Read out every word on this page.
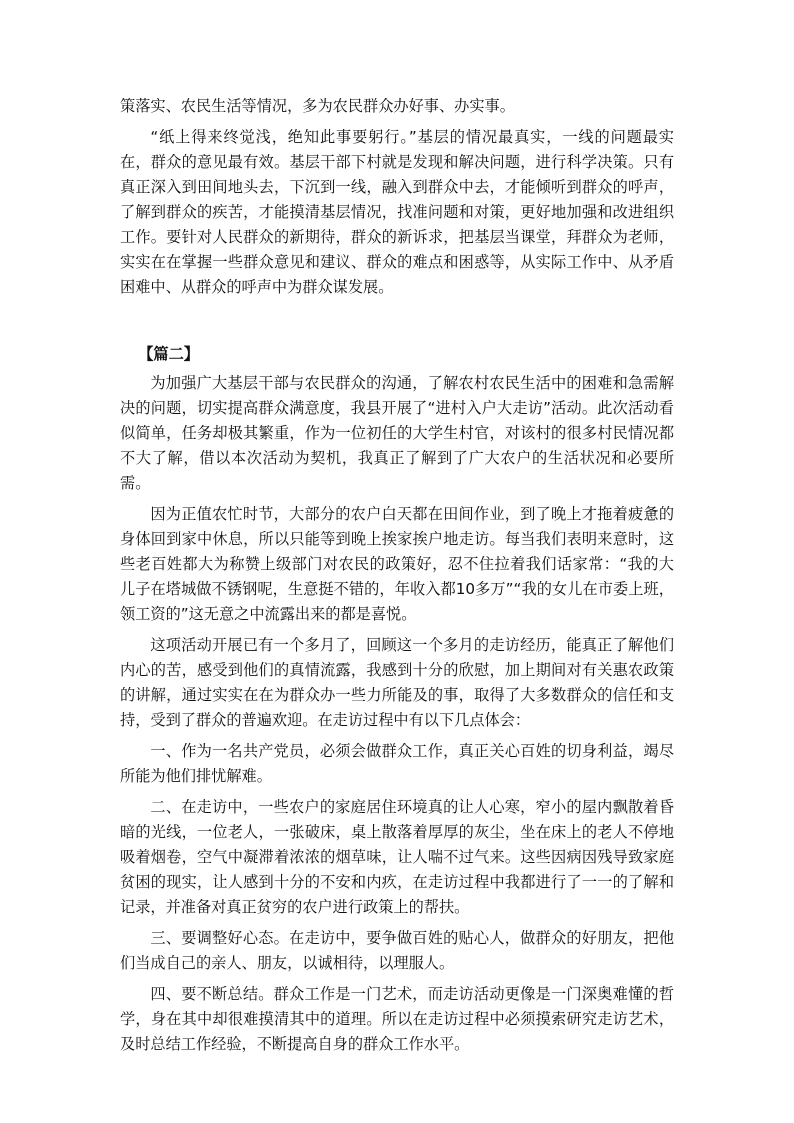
策落实、农民生活等情况，多为农民群众办好事、办实事。

“纸上得来终觉浅，绝知此事要躬行。”基层的情况最真实，一线的问题最实在，群众的意见最有效。基层干部下村就是发现和解决问题，进行科学决策。只有真正深入到田间地头去，下沉到一线，融入到群众中去，才能倾听到群众的呼声，了解到群众的疾苦，才能摸清基层情况，找准问题和对策，更好地加强和改进组织工作。要针对人民群众的新期待，群众的新诉求，把基层当课堂，拜群众为老师，实实在在掌握一些群众意见和建议、群众的难点和困惑等，从实际工作中、从矛盾困难中、从群众的呼声中为群众谋发展。

【篇二】

为加强广大基层干部与农民群众的沟通，了解农村农民生活中的困难和急需解决的问题，切实提高群众满意度，我县开展了“进村入户大走访”活动。此次活动看似简单，任务却极其繁重，作为一位初任的大学生村官，对该村的很多村民情况都不大了解，借以本次活动为契机，我真正了解到了广大农户的生活状况和必要所需。

因为正值农忙时节，大部分的农户白天都在田间作业，到了晚上才拖着疲惫的身体回到家中休息，所以只能等到晚上挨家挨户地走访。每当我们表明来意时，这些老百姓都大为称赞上级部门对农民的政策好，忍不住拉着我们话家常：“我的大儿子在塔城做不锈钢呢，生意挺不错的，年收入都10多万”“我的女儿在市委上班，领工资的”这无意之中流露出来的都是喜悦。

这项活动开展已有一个多月了，回顾这一个多月的走访经历，能真正了解他们内心的苦，感受到他们的真情流露，我感到十分的欣慰，加上期间对有关惠农政策的讲解，通过实实在在为群众办一些力所能及的事，取得了大多数群众的信任和支持，受到了群众的普遍欢迎。在走访过程中有以下几点体会：

一、作为一名共产党员，必须会做群众工作，真正关心百姓的切身利益，竭尽所能为他们排忧解难。

二、在走访中，一些农户的家庭居住环境真的让人心寒，窄小的屋内飘散着昏暗的光线，一位老人，一张破床，桌上散落着厚厚的灰尘，坐在床上的老人不停地吸着烟卷，空气中凝滞着浓浓的烟草味，让人喘不过气来。这些因病因残导致家庭贫困的现实，让人感到十分的不安和内疚，在走访过程中我都进行了一一的了解和记录，并准备对真正贫穷的农户进行政策上的帮扶。

三、要调整好心态。在走访中，要争做百姓的贴心人，做群众的好朋友，把他们当成自己的亲人、朋友，以诚相待，以理服人。

四、要不断总结。群众工作是一门艺术，而走访活动更像是一门深奥难懂的哲学，身在其中却很难摸清其中的道理。所以在走访过程中必须摸索研究走访艺术，及时总结工作经验，不断提高自身的群众工作水平。
